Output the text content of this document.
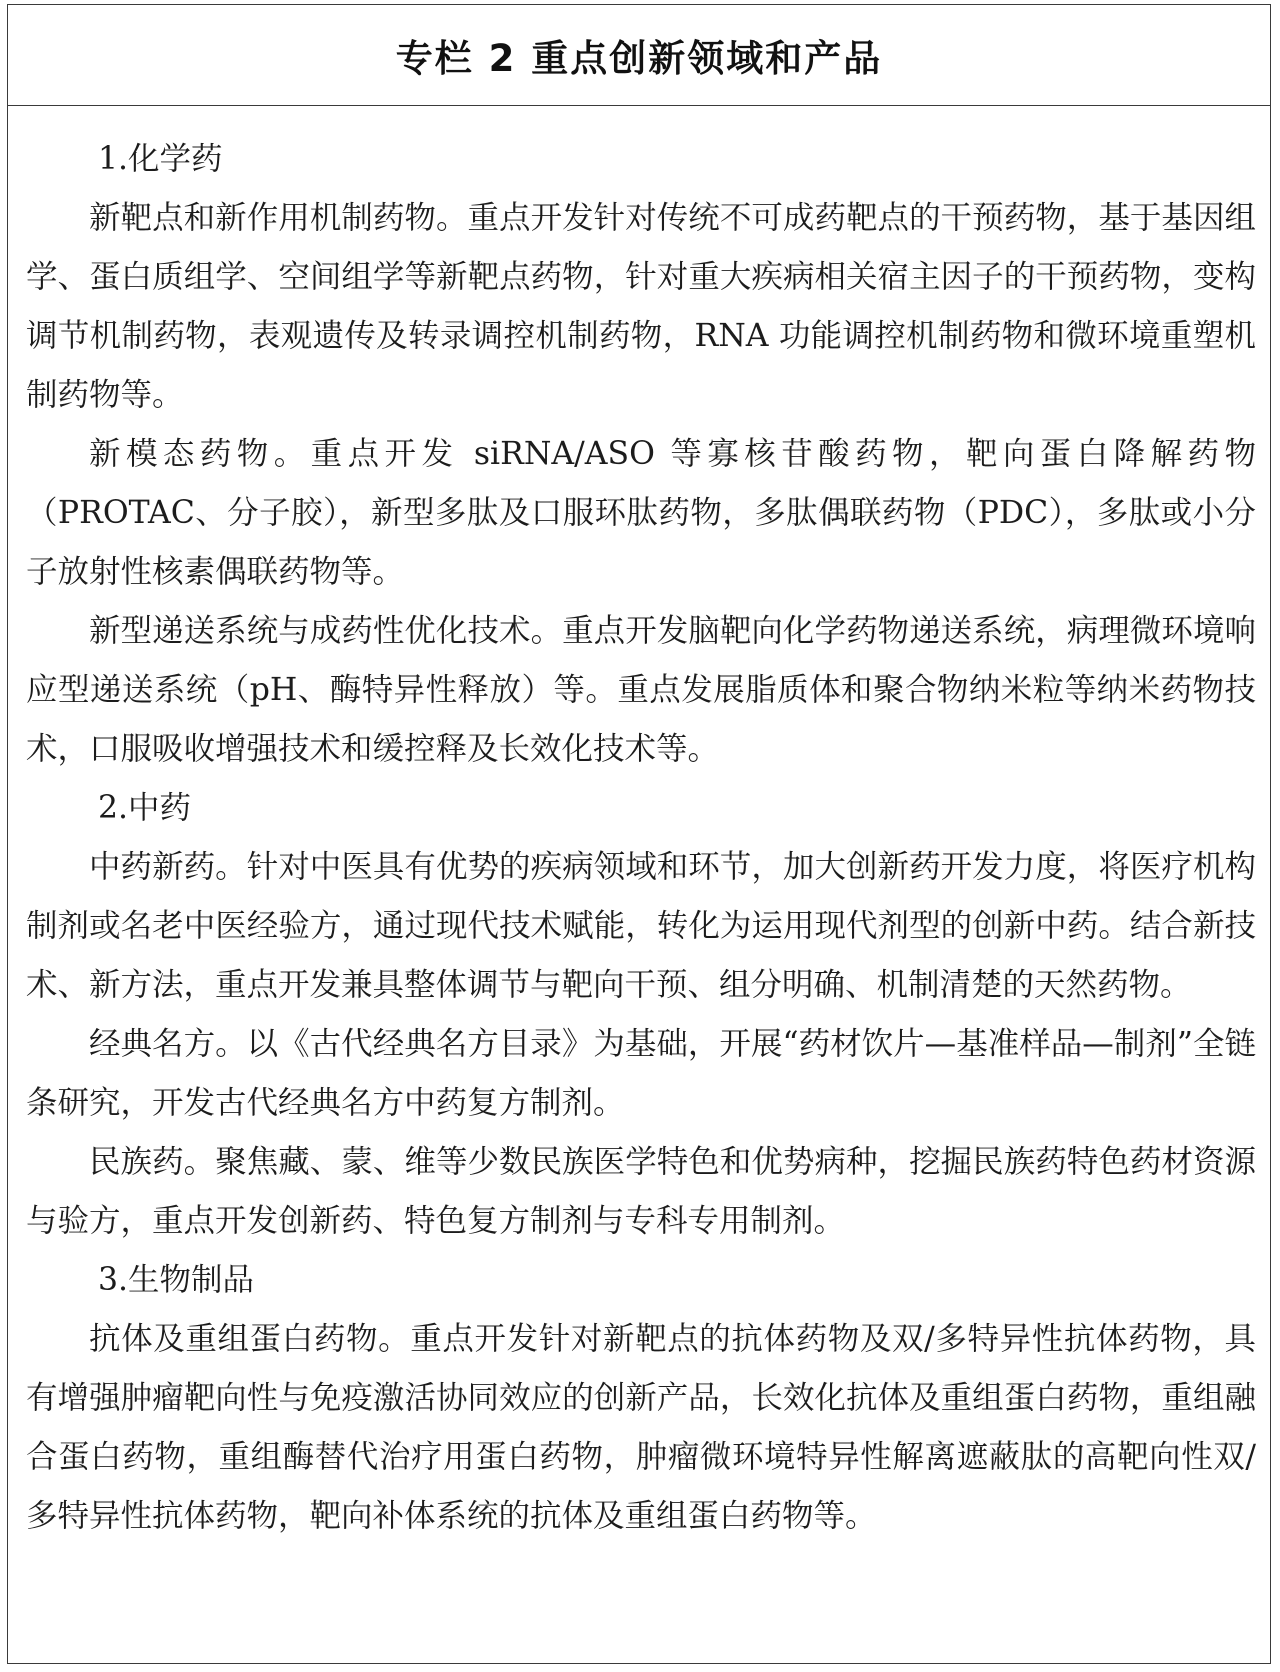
专栏 2 重点创新领域和产品

1.化学药

新靶点和新作用机制药物。重点开发针对传统不可成药靶点的干预药物，基于基因组学、蛋白质组学、空间组学等新靶点药物，针对重大疾病相关宿主因子的干预药物，变构调节机制药物，表观遗传及转录调控机制药物，RNA 功能调控机制药物和微环境重塑机制药物等。

新模态药物。重点开发 siRNA/ASO 等寡核苷酸药物，靶向蛋白降解药物（PROTAC、分子胶），新型多肽及口服环肽药物，多肽偶联药物（PDC），多肽或小分子放射性核素偶联药物等。

新型递送系统与成药性优化技术。重点开发脑靶向化学药物递送系统，病理微环境响应型递送系统（pH、酶特异性释放）等。重点发展脂质体和聚合物纳米粒等纳米药物技术，口服吸收增强技术和缓控释及长效化技术等。

2.中药

中药新药。针对中医具有优势的疾病领域和环节，加大创新药开发力度，将医疗机构制剂或名老中医经验方，通过现代技术赋能，转化为运用现代剂型的创新中药。结合新技术、新方法，重点开发兼具整体调节与靶向干预、组分明确、机制清楚的天然药物。

经典名方。以《古代经典名方目录》为基础，开展“药材饮片—基准样品—制剂”全链条研究，开发古代经典名方中药复方制剂。

民族药。聚焦藏、蒙、维等少数民族医学特色和优势病种，挖掘民族药特色药材资源与验方，重点开发创新药、特色复方制剂与专科专用制剂。

3.生物制品

抗体及重组蛋白药物。重点开发针对新靶点的抗体药物及双/多特异性抗体药物，具有增强肿瘤靶向性与免疫激活协同效应的创新产品，长效化抗体及重组蛋白药物，重组融合蛋白药物，重组酶替代治疗用蛋白药物，肿瘤微环境特异性解离遮蔽肽的高靶向性双/多特异性抗体药物，靶向补体系统的抗体及重组蛋白药物等。
